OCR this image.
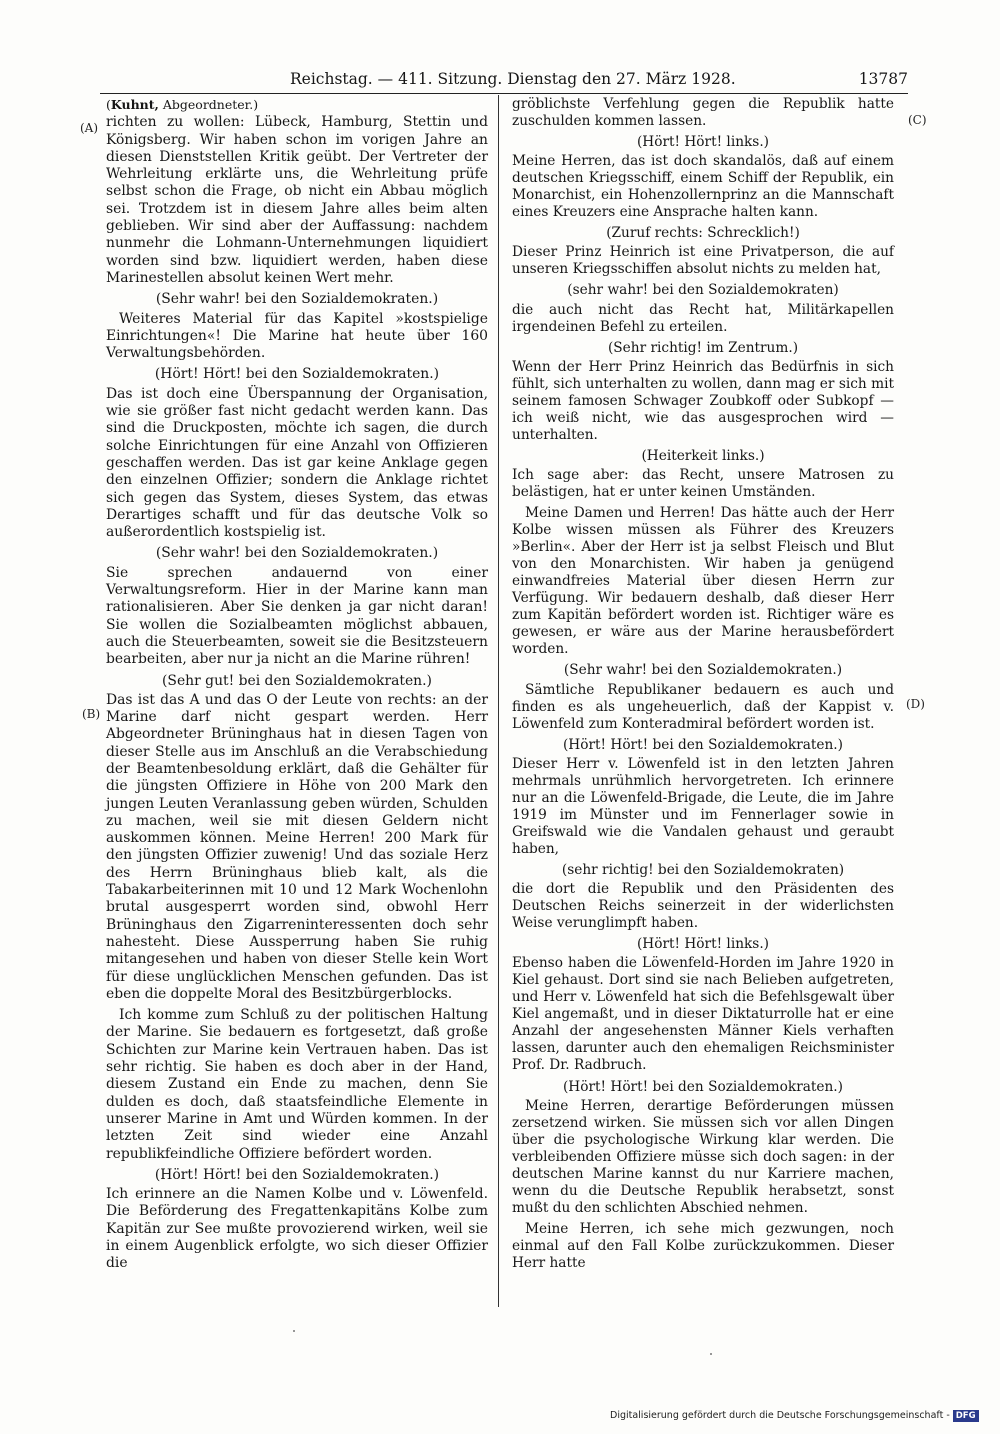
Reichstag. — 411. Sitzung. Dienstag den 27. März 1928.	13787
(A)
(B)
(C)
(D)
(Kuhnt, Abgeordneter.)

richten zu wollen: Lübeck, Hamburg, Stettin und Königsberg. Wir haben schon im vorigen Jahre an diesen Dienststellen Kritik geübt. Der Vertreter der Wehrleitung erklärte uns, die Wehrleitung prüfe selbst schon die Frage, ob nicht ein Abbau möglich sei. Trotzdem ist in diesem Jahre alles beim alten geblieben. Wir sind aber der Auffassung: nachdem nunmehr die Lohmann-Unternehmungen liquidiert worden sind bzw. liquidiert werden, haben diese Marinestellen absolut keinen Wert mehr.

(Sehr wahr! bei den Sozialdemokraten.)

Weiteres Material für das Kapitel »kostspielige Einrichtungen«! Die Marine hat heute über 160 Verwaltungsbehörden.

(Hört! Hört! bei den Sozialdemokraten.)

Das ist doch eine Überspannung der Organisation, wie sie größer fast nicht gedacht werden kann. Das sind die Druckposten, möchte ich sagen, die durch solche Einrichtungen für eine Anzahl von Offizieren geschaffen werden. Das ist gar keine Anklage gegen den einzelnen Offizier; sondern die Anklage richtet sich gegen das System, dieses System, das etwas Derartiges schafft und für das deutsche Volk so außerordentlich kostspielig ist.

(Sehr wahr! bei den Sozialdemokraten.)

Sie sprechen andauernd von einer Verwaltungsreform. Hier in der Marine kann man rationalisieren. Aber Sie denken ja gar nicht daran! Sie wollen die Sozialbeamten möglichst abbauen, auch die Steuerbeamten, soweit sie die Besitzsteuern bearbeiten, aber nur ja nicht an die Marine rühren!

(Sehr gut! bei den Sozialdemokraten.)

Das ist das A und das O der Leute von rechts: an der Marine darf nicht gespart werden. Herr Abgeordneter Brüninghaus hat in diesen Tagen von dieser Stelle aus im Anschluß an die Verabschiedung der Beamtenbesoldung erklärt, daß die Gehälter für die jüngsten Offiziere in Höhe von 200 Mark den jungen Leuten Veranlassung geben würden, Schulden zu machen, weil sie mit diesen Geldern nicht auskommen können. Meine Herren! 200 Mark für den jüngsten Offizier zuwenig! Und das soziale Herz des Herrn Brüninghaus blieb kalt, als die Tabakarbeiterinnen mit 10 und 12 Mark Wochenlohn brutal ausgesperrt worden sind, obwohl Herr Brüninghaus den Zigarreninteressenten doch sehr nahesteht. Diese Aussperrung haben Sie ruhig mitangesehen und haben von dieser Stelle kein Wort für diese unglücklichen Menschen gefunden. Das ist eben die doppelte Moral des Besitzbürgerblocks.

Ich komme zum Schluß zu der politischen Haltung der Marine. Sie bedauern es fortgesetzt, daß große Schichten zur Marine kein Vertrauen haben. Das ist sehr richtig. Sie haben es doch aber in der Hand, diesem Zustand ein Ende zu machen, denn Sie dulden es doch, daß staatsfeindliche Elemente in unserer Marine in Amt und Würden kommen. In der letzten Zeit sind wieder eine Anzahl republikfeindliche Offiziere befördert worden.

(Hört! Hört! bei den Sozialdemokraten.)

Ich erinnere an die Namen Kolbe und v. Löwenfeld. Die Beförderung des Fregattenkapitäns Kolbe zum Kapitän zur See mußte provozierend wirken, weil sie in einem Augenblick erfolgte, wo sich dieser Offizier die

gröblichste Verfehlung gegen die Republik hatte zuschulden kommen lassen.

(Hört! Hört! links.)

Meine Herren, das ist doch skandalös, daß auf einem deutschen Kriegsschiff, einem Schiff der Republik, ein Monarchist, ein Hohenzollernprinz an die Mannschaft eines Kreuzers eine Ansprache halten kann.

(Zuruf rechts: Schrecklich!)

Dieser Prinz Heinrich ist eine Privatperson, die auf unseren Kriegsschiffen absolut nichts zu melden hat,

(sehr wahr! bei den Sozialdemokraten)

die auch nicht das Recht hat, Militärkapellen irgendeinen Befehl zu erteilen.

(Sehr richtig! im Zentrum.)

Wenn der Herr Prinz Heinrich das Bedürfnis in sich fühlt, sich unterhalten zu wollen, dann mag er sich mit seinem famosen Schwager Zoubkoff oder Subkopf — ich weiß nicht, wie das ausgesprochen wird — unterhalten.

(Heiterkeit links.)

Ich sage aber: das Recht, unsere Matrosen zu belästigen, hat er unter keinen Umständen.

Meine Damen und Herren! Das hätte auch der Herr Kolbe wissen müssen als Führer des Kreuzers »Berlin«. Aber der Herr ist ja selbst Fleisch und Blut von den Monarchisten. Wir haben ja genügend einwandfreies Material über diesen Herrn zur Verfügung. Wir bedauern deshalb, daß dieser Herr zum Kapitän befördert worden ist. Richtiger wäre es gewesen, er wäre aus der Marine herausbefördert worden.

(Sehr wahr! bei den Sozialdemokraten.)

Sämtliche Republikaner bedauern es auch und finden es als ungeheuerlich, daß der Kappist v. Löwenfeld zum Konteradmiral befördert worden ist.

(Hört! Hört! bei den Sozialdemokraten.)

Dieser Herr v. Löwenfeld ist in den letzten Jahren mehrmals unrühmlich hervorgetreten. Ich erinnere nur an die Löwenfeld-Brigade, die Leute, die im Jahre 1919 im Münster und im Fennerlager sowie in Greifswald wie die Vandalen gehaust und geraubt haben,

(sehr richtig! bei den Sozialdemokraten)

die dort die Republik und den Präsidenten des Deutschen Reichs seinerzeit in der widerlichsten Weise verunglimpft haben.

(Hört! Hört! links.)

Ebenso haben die Löwenfeld-Horden im Jahre 1920 in Kiel gehaust. Dort sind sie nach Belieben aufgetreten, und Herr v. Löwenfeld hat sich die Befehlsgewalt über Kiel angemaßt, und in dieser Diktaturrolle hat er eine Anzahl der angesehensten Männer Kiels verhaften lassen, darunter auch den ehemaligen Reichsminister Prof. Dr. Radbruch.

(Hört! Hört! bei den Sozialdemokraten.)

Meine Herren, derartige Beförderungen müssen zersetzend wirken. Sie müssen sich vor allen Dingen über die psychologische Wirkung klar werden. Die verbleibenden Offiziere müsse sich doch sagen: in der deutschen Marine kannst du nur Karriere machen, wenn du die Deutsche Republik herabsetzt, sonst mußt du den schlichten Abschied nehmen.

Meine Herren, ich sehe mich gezwungen, noch einmal auf den Fall Kolbe zurückzukommen. Dieser Herr hatte

Digitalisierung gefördert durch die Deutsche Forschungsgemeinschaft - DFG
